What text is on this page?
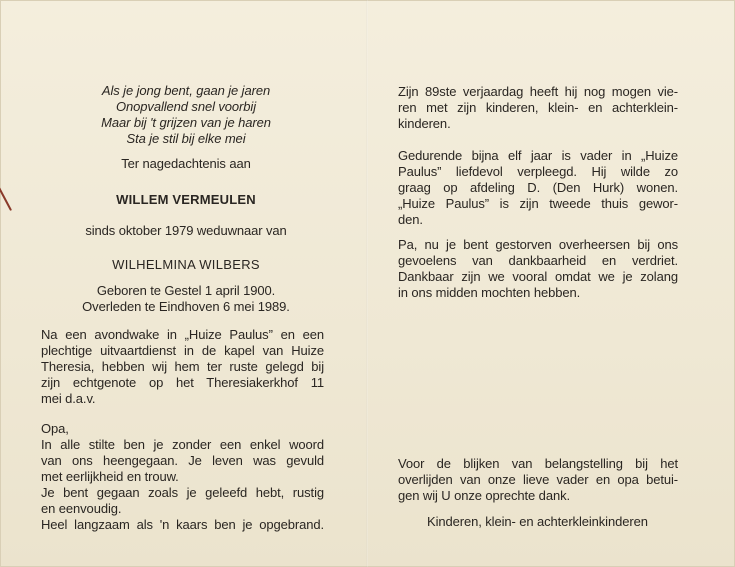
Als je jong bent, gaan je jaren
Onopvallend snel voorbij
Maar bij 't grijzen van je haren
Sta je stil bij elke mei
Ter nagedachtenis aan
WILLEM VERMEULEN
sinds oktober 1979 weduwnaar van
WILHELMINA WILBERS
Geboren te Gestel 1 april 1900.
Overleden te Eindhoven 6 mei 1989.
Na een avondwake in „Huize Paulus” en een
plechtige uitvaartdienst in de kapel van Huize
Theresia, hebben wij hem ter ruste gelegd bij
zijn echtgenote op het Theresiakerkhof 11
mei d.a.v.
Opa,
In alle stilte ben je zonder een enkel woord
van ons heengegaan. Je leven was gevuld
met eerlijkheid en trouw.
Je bent gegaan zoals je geleefd hebt, rustig
en eenvoudig.
Heel langzaam als 'n kaars ben je opgebrand.
Zijn 89ste verjaardag heeft hij nog mogen vie-
ren met zijn kinderen, klein- en achterklein-
kinderen.
Gedurende bijna elf jaar is vader in „Huize
Paulus” liefdevol verpleegd. Hij wilde zo
graag op afdeling D. (Den Hurk) wonen.
„Huize Paulus” is zijn tweede thuis gewor-
den.
Pa, nu je bent gestorven overheersen bij ons
gevoelens van dankbaarheid en verdriet.
Dankbaar zijn we vooral omdat we je zolang
in ons midden mochten hebben.
Voor de blijken van belangstelling bij het
overlijden van onze lieve vader en opa betui-
gen wij U onze oprechte dank.
Kinderen, klein- en achterkleinkinderen
